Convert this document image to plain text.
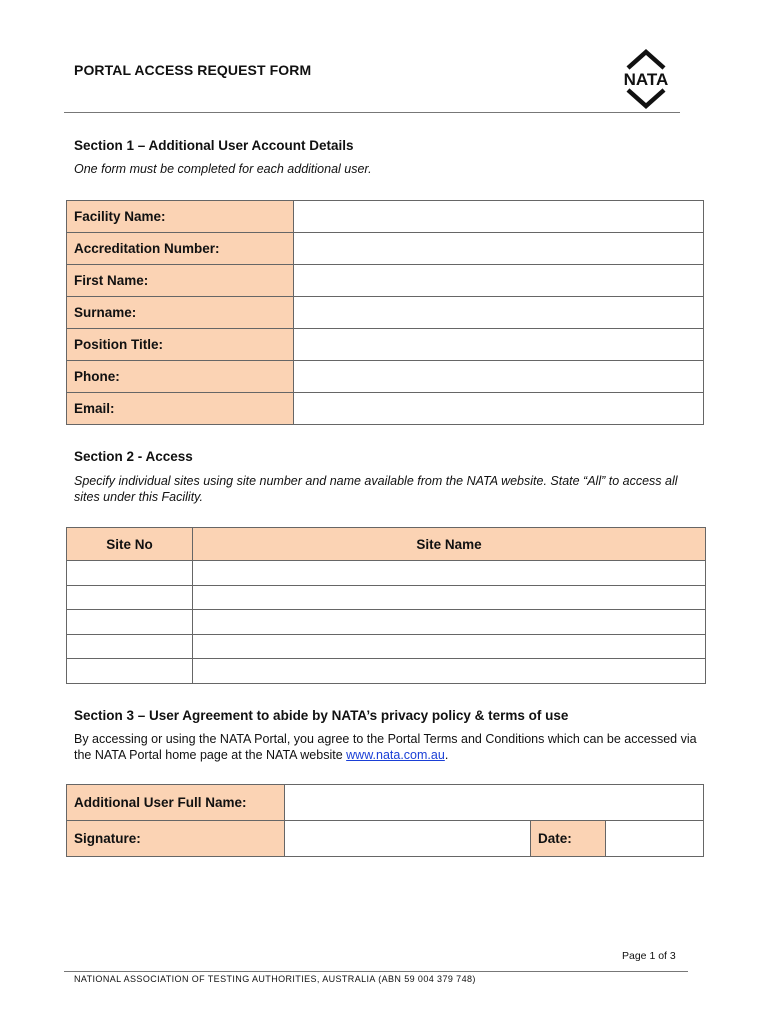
PORTAL ACCESS REQUEST FORM	NATA
Section 1 – Additional User Account Details
One form must be completed for each additional user.
Facility Name:	
Accreditation Number:	
First Name:	
Surname:	
Position Title:	
Phone:	
Email:	
Section 2 - Access
Specify individual sites using site number and name available from the NATA website. State “All” to access all sites under this Facility.
Site No	Site Name

Section 3 – User Agreement to abide by NATA’s privacy policy & terms of use
By accessing or using the NATA Portal, you agree to the Portal Terms and Conditions which can be accessed via the NATA Portal home page at the NATA website www.nata.com.au.
Additional User Full Name:			
Signature:		Date:	
Page 1 of 3
NATIONAL ASSOCIATION OF TESTING AUTHORITIES, AUSTRALIA (ABN 59 004 379 748)
